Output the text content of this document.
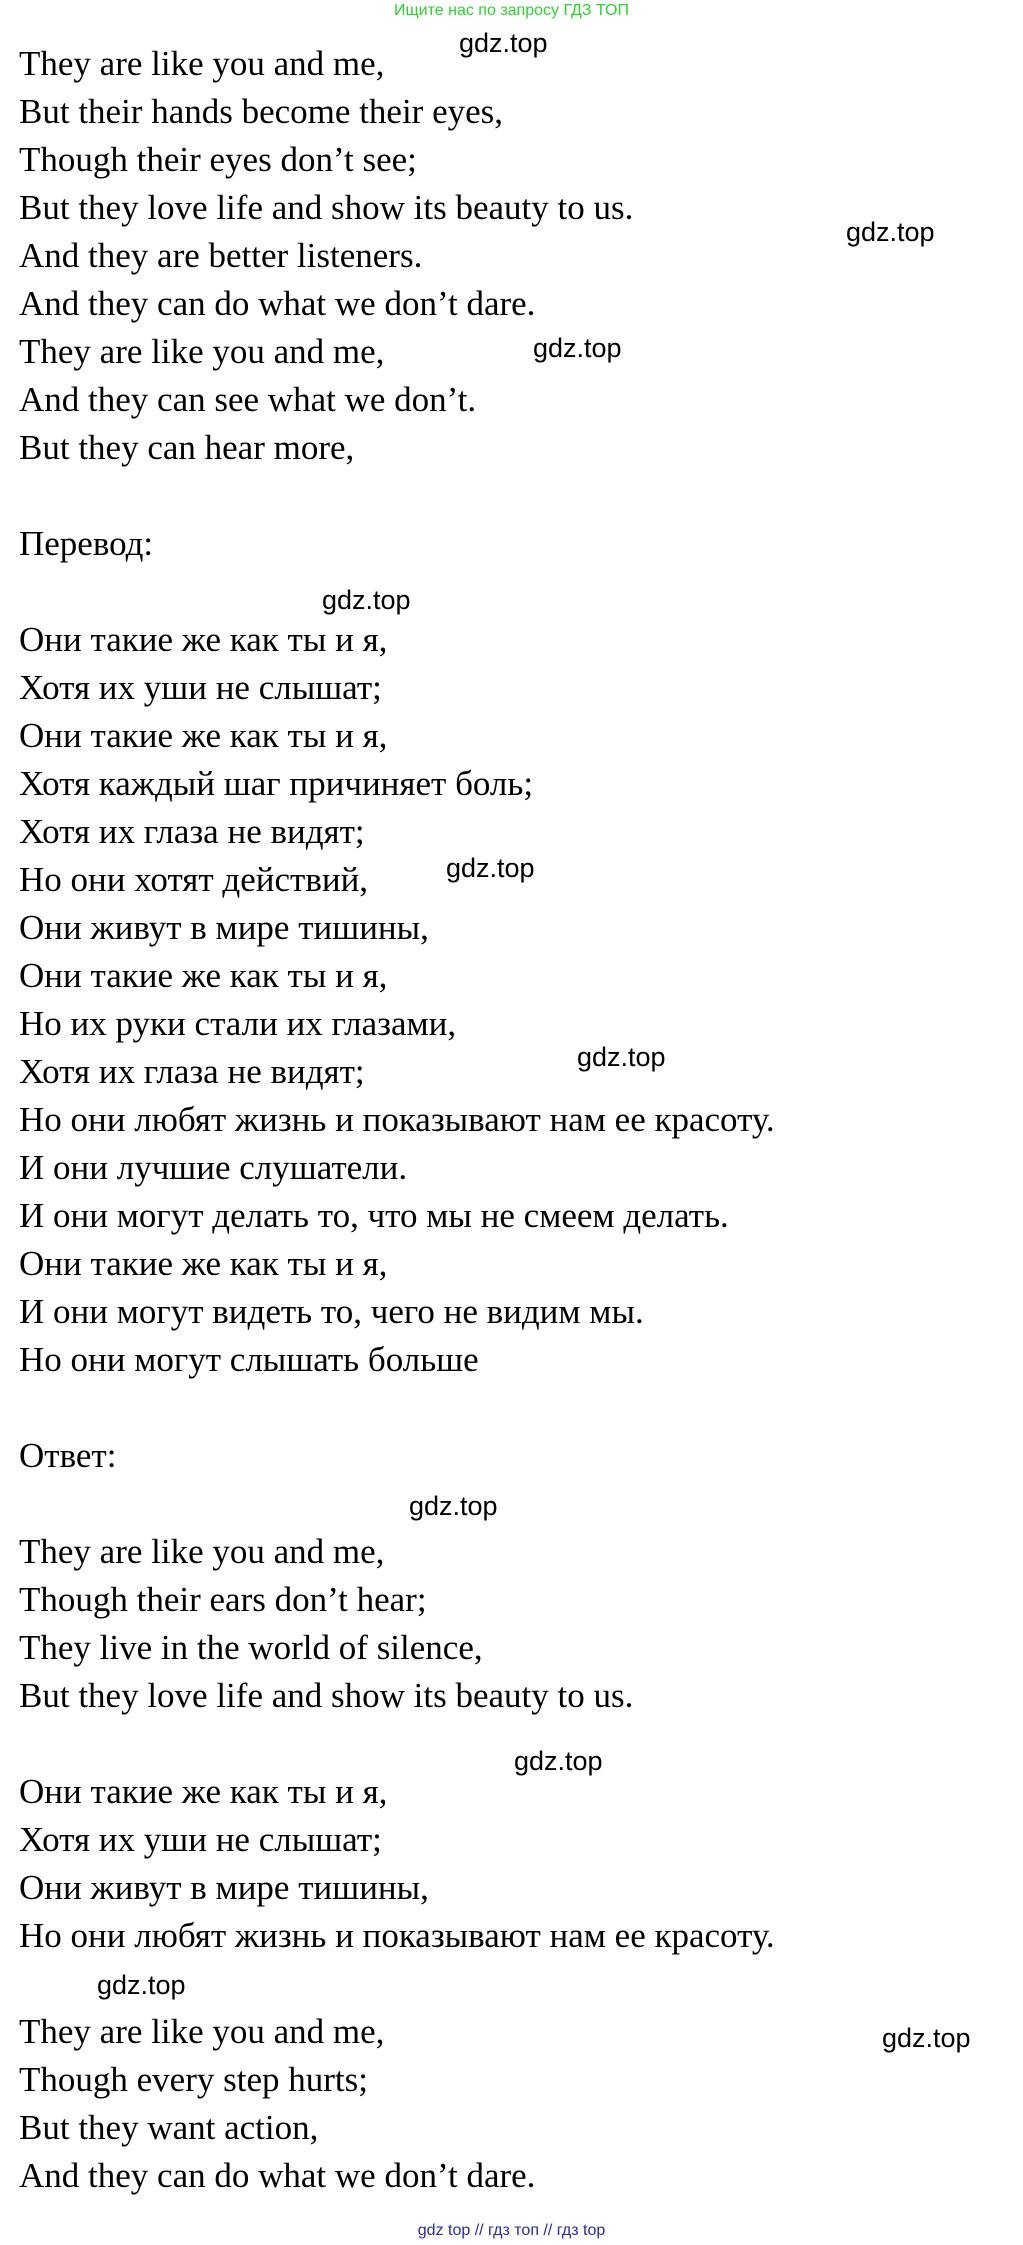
Ищите нас по запросу ГДЗ ТОП
They are like you and me,
But their hands become their eyes,
Though their eyes don’t see;
But they love life and show its beauty to us.
And they are better listeners.
And they can do what we don’t dare.
They are like you and me,
And they can see what we don’t.
But they can hear more,
Перевод:
Они такие же как ты и я,
Хотя их уши не слышат;
Они такие же как ты и я,
Хотя каждый шаг причиняет боль;
Хотя их глаза не видят;
Но они хотят действий,
Они живут в мире тишины,
Они такие же как ты и я,
Но их руки стали их глазами,
Хотя их глаза не видят;
Но они любят жизнь и показывают нам ее красоту.
И они лучшие слушатели.
И они могут делать то, что мы не смеем делать.
Они такие же как ты и я,
И они могут видеть то, чего не видим мы.
Но они могут слышать больше
Ответ:
They are like you and me,
Though their ears don’t hear;
They live in the world of silence,
But they love life and show its beauty to us.
Они такие же как ты и я,
Хотя их уши не слышат;
Они живут в мире тишины,
Но они любят жизнь и показывают нам ее красоту.
They are like you and me,
Though every step hurts;
But they want action,
And they can do what we don’t dare.
gdz.top
gdz.top
gdz.top
gdz.top
gdz.top
gdz.top
gdz.top
gdz.top
gdz.top
gdz.top
gdz top // гдз топ // гдз top
